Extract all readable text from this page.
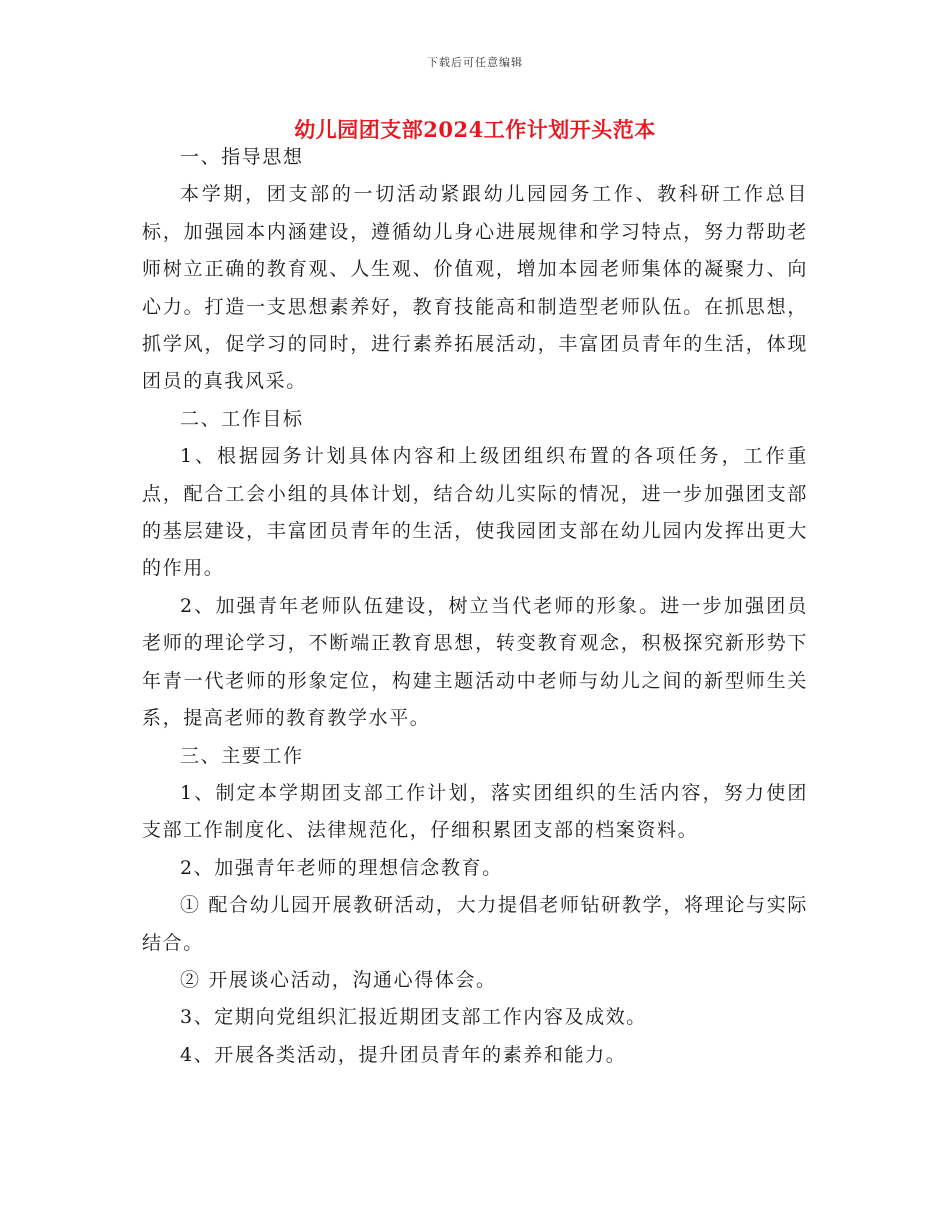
下载后可任意编辑
幼儿园团支部2024工作计划开头范本

一、指导思想

本学期，团支部的一切活动紧跟幼儿园园务工作、教科研工作总目标，加强园本内涵建设，遵循幼儿身心进展规律和学习特点，努力帮助老师树立正确的教育观、人生观、价值观，增加本园老师集体的凝聚力、向心力。打造一支思想素养好，教育技能高和制造型老师队伍。在抓思想，抓学风，促学习的同时，进行素养拓展活动，丰富团员青年的生活，体现团员的真我风采。

二、工作目标

1、根据园务计划具体内容和上级团组织布置的各项任务，工作重点，配合工会小组的具体计划，结合幼儿实际的情况，进一步加强团支部的基层建设，丰富团员青年的生活，使我园团支部在幼儿园内发挥出更大的作用。

2、加强青年老师队伍建设，树立当代老师的形象。进一步加强团员老师的理论学习，不断端正教育思想，转变教育观念，积极探究新形势下年青一代老师的形象定位，构建主题活动中老师与幼儿之间的新型师生关系，提高老师的教育教学水平。

三、主要工作

1、制定本学期团支部工作计划，落实团组织的生活内容，努力使团支部工作制度化、法律规范化，仔细积累团支部的档案资料。

2、加强青年老师的理想信念教育。

① 配合幼儿园开展教研活动，大力提倡老师钻研教学，将理论与实际结合。

② 开展谈心活动，沟通心得体会。

3、定期向党组织汇报近期团支部工作内容及成效。

4、开展各类活动，提升团员青年的素养和能力。
